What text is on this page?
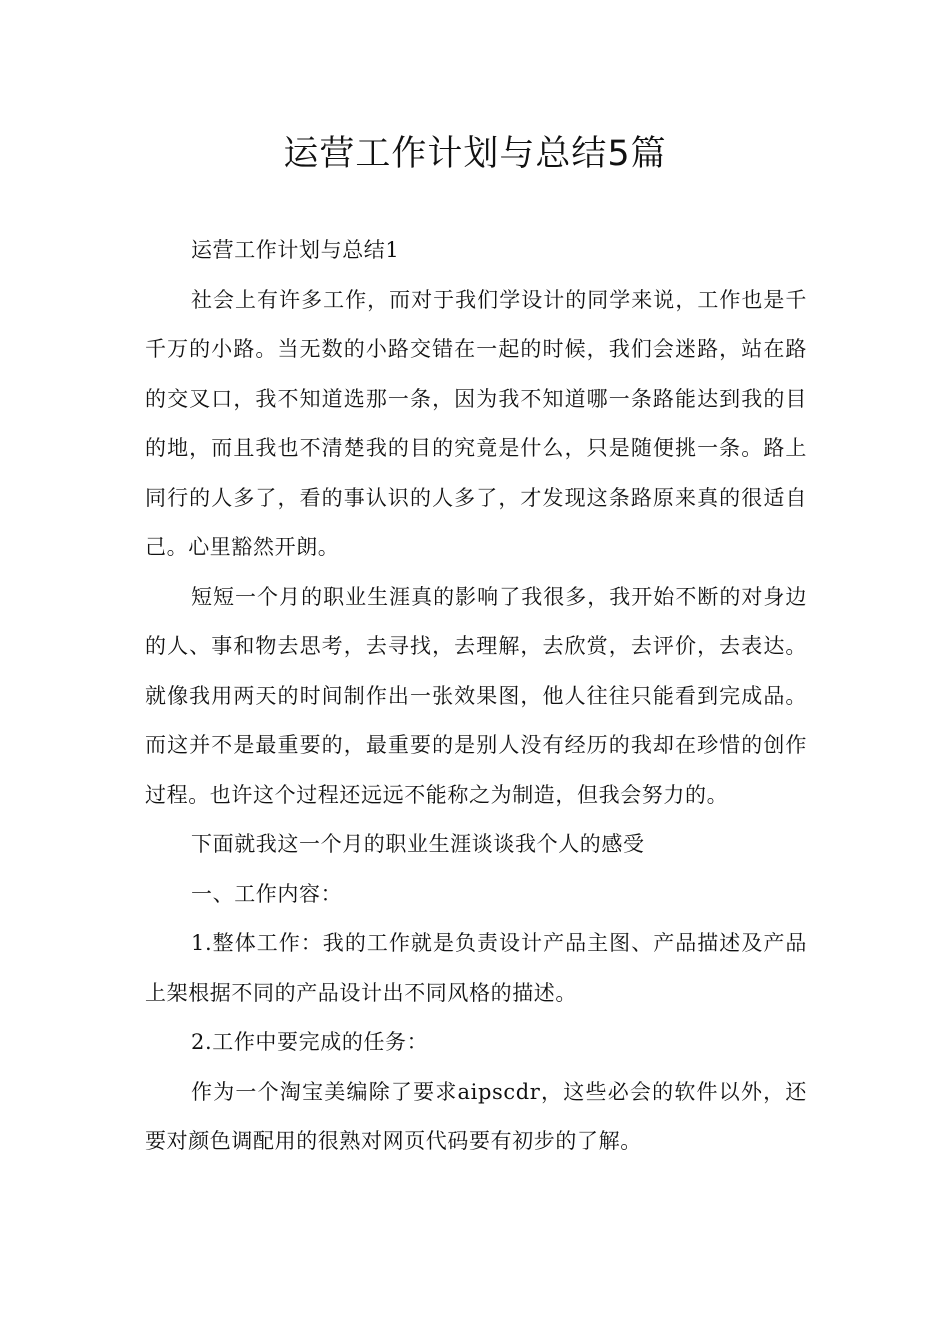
运营工作计划与总结5篇

运营工作计划与总结1

社会上有许多工作，而对于我们学设计的同学来说，工作也是千千万的小路。当无数的小路交错在一起的时候，我们会迷路，站在路的交叉口，我不知道选那一条，因为我不知道哪一条路能达到我的目的地，而且我也不清楚我的目的究竟是什么，只是随便挑一条。路上同行的人多了，看的事认识的人多了，才发现这条路原来真的很适自己。心里豁然开朗。

短短一个月的职业生涯真的影响了我很多，我开始不断的对身边的人、事和物去思考，去寻找，去理解，去欣赏，去评价，去表达。就像我用两天的时间制作出一张效果图，他人往往只能看到完成品。而这并不是最重要的，最重要的是别人没有经历的我却在珍惜的创作过程。也许这个过程还远远不能称之为制造，但我会努力的。

下面就我这一个月的职业生涯谈谈我个人的感受

一、工作内容：

1.整体工作：我的工作就是负责设计产品主图、产品描述及产品上架根据不同的产品设计出不同风格的描述。

2.工作中要完成的任务：

作为一个淘宝美编除了要求aipscdr，这些必会的软件以外，还要对颜色调配用的很熟对网页代码要有初步的了解。
